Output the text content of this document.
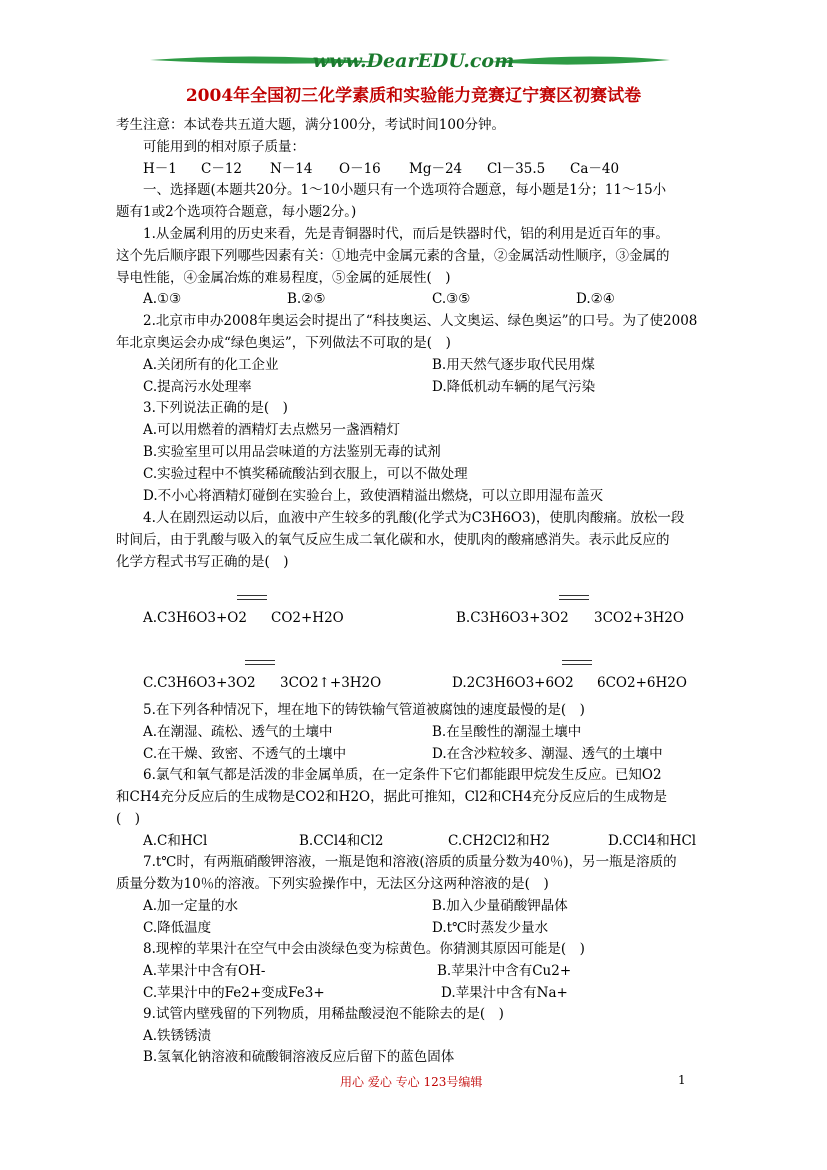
www.DearEDU.com
2004年全国初三化学素质和实验能力竞赛辽宁赛区初赛试卷
考生注意：本试卷共五道大题，满分100分，考试时间100分钟。
可能用到的相对原子质量：
一、选择题(本题共20分。1～10小题只有一个选项符合题意，每小题是1分；11～15小
题有1或2个选项符合题意，每小题2分。)
1.从金属利用的历史来看，先是青铜器时代，而后是铁器时代，铝的利用是近百年的事。
这个先后顺序跟下列哪些因素有关：①地壳中金属元素的含量，②金属活动性顺序，③金属的
导电性能，④金属冶炼的难易程度，⑤金属的延展性(　)
2.北京市申办2008年奥运会时提出了“科技奥运、人文奥运、绿色奥运”的口号。为了使2008
年北京奥运会办成“绿色奥运”，下列做法不可取的是(　)
3.下列说法正确的是(　)
A.可以用燃着的酒精灯去点燃另一盏酒精灯
B.实验室里可以用品尝味道的方法鉴别无毒的试剂
C.实验过程中不慎奖稀硫酸沾到衣服上，可以不做处理
D.不小心将酒精灯碰倒在实验台上，致使酒精溢出燃烧，可以立即用湿布盖灭
4.人在剧烈运动以后，血液中产生较多的乳酸(化学式为C3H6O3)，使肌肉酸痛。放松一段
时间后，由于乳酸与吸入的氧气反应生成二氧化碳和水，使肌肉的酸痛感消失。表示此反应的
化学方程式书写正确的是(　)
5.在下列各种情况下，埋在地下的铸铁输气管道被腐蚀的速度最慢的是(　)
6.氯气和氧气都是活泼的非金属单质，在一定条件下它们都能跟甲烷发生反应。已知O2
和CH4充分反应后的生成物是CO2和H2O，据此可推知，Cl2和CH4充分反应后的生成物是
(　)
7.t℃时，有两瓶硝酸钾溶液，一瓶是饱和溶液(溶质的质量分数为40％)，另一瓶是溶质的
质量分数为10％的溶液。下列实验操作中，无法区分这两种溶液的是(　)
8.现榨的苹果汁在空气中会由淡绿色变为棕黄色。你猜测其原因可能是(　)
9.试管内壁残留的下列物质，用稀盐酸浸泡不能除去的是(　)
A.铁锈锈渍
B.氢氧化钠溶液和硫酸铜溶液反应后留下的蓝色固体
H－1 C－12 N－14 O－16 Mg－24 Cl－35.5 Ca－40
A.①③	B.②⑤	C.③⑤	D.②④
A.关闭所有的化工企业	B.用天然气逐步取代民用煤
C.提高污水处理率	D.降低机动车辆的尾气污染
A.在潮湿、疏松、透气的土壤中	B.在呈酸性的潮湿土壤中
C.在干燥、致密、不透气的土壤中	D.在含沙粒较多、潮湿、透气的土壤中
A.C和HCl	B.CCl4和Cl2	C.CH2Cl2和H2	D.CCl4和HCl
A.加一定量的水	B.加入少量硝酸钾晶体
C.降低温度	D.t℃时蒸发少量水
A.苹果汁中含有OH-	B.苹果汁中含有Cu2+
C.苹果汁中的Fe2+变成Fe3+	D.苹果汁中含有Na+
A.C3H6O3+O2 CO2+H2O	B.C3H6O3+3O2 3CO2+3H2O
C.C3H6O3+3O2 3CO2↑+3H2O	D.2C3H6O3+6O2 6CO2+6H2O
用心 爱心 专心 123号编辑	1
